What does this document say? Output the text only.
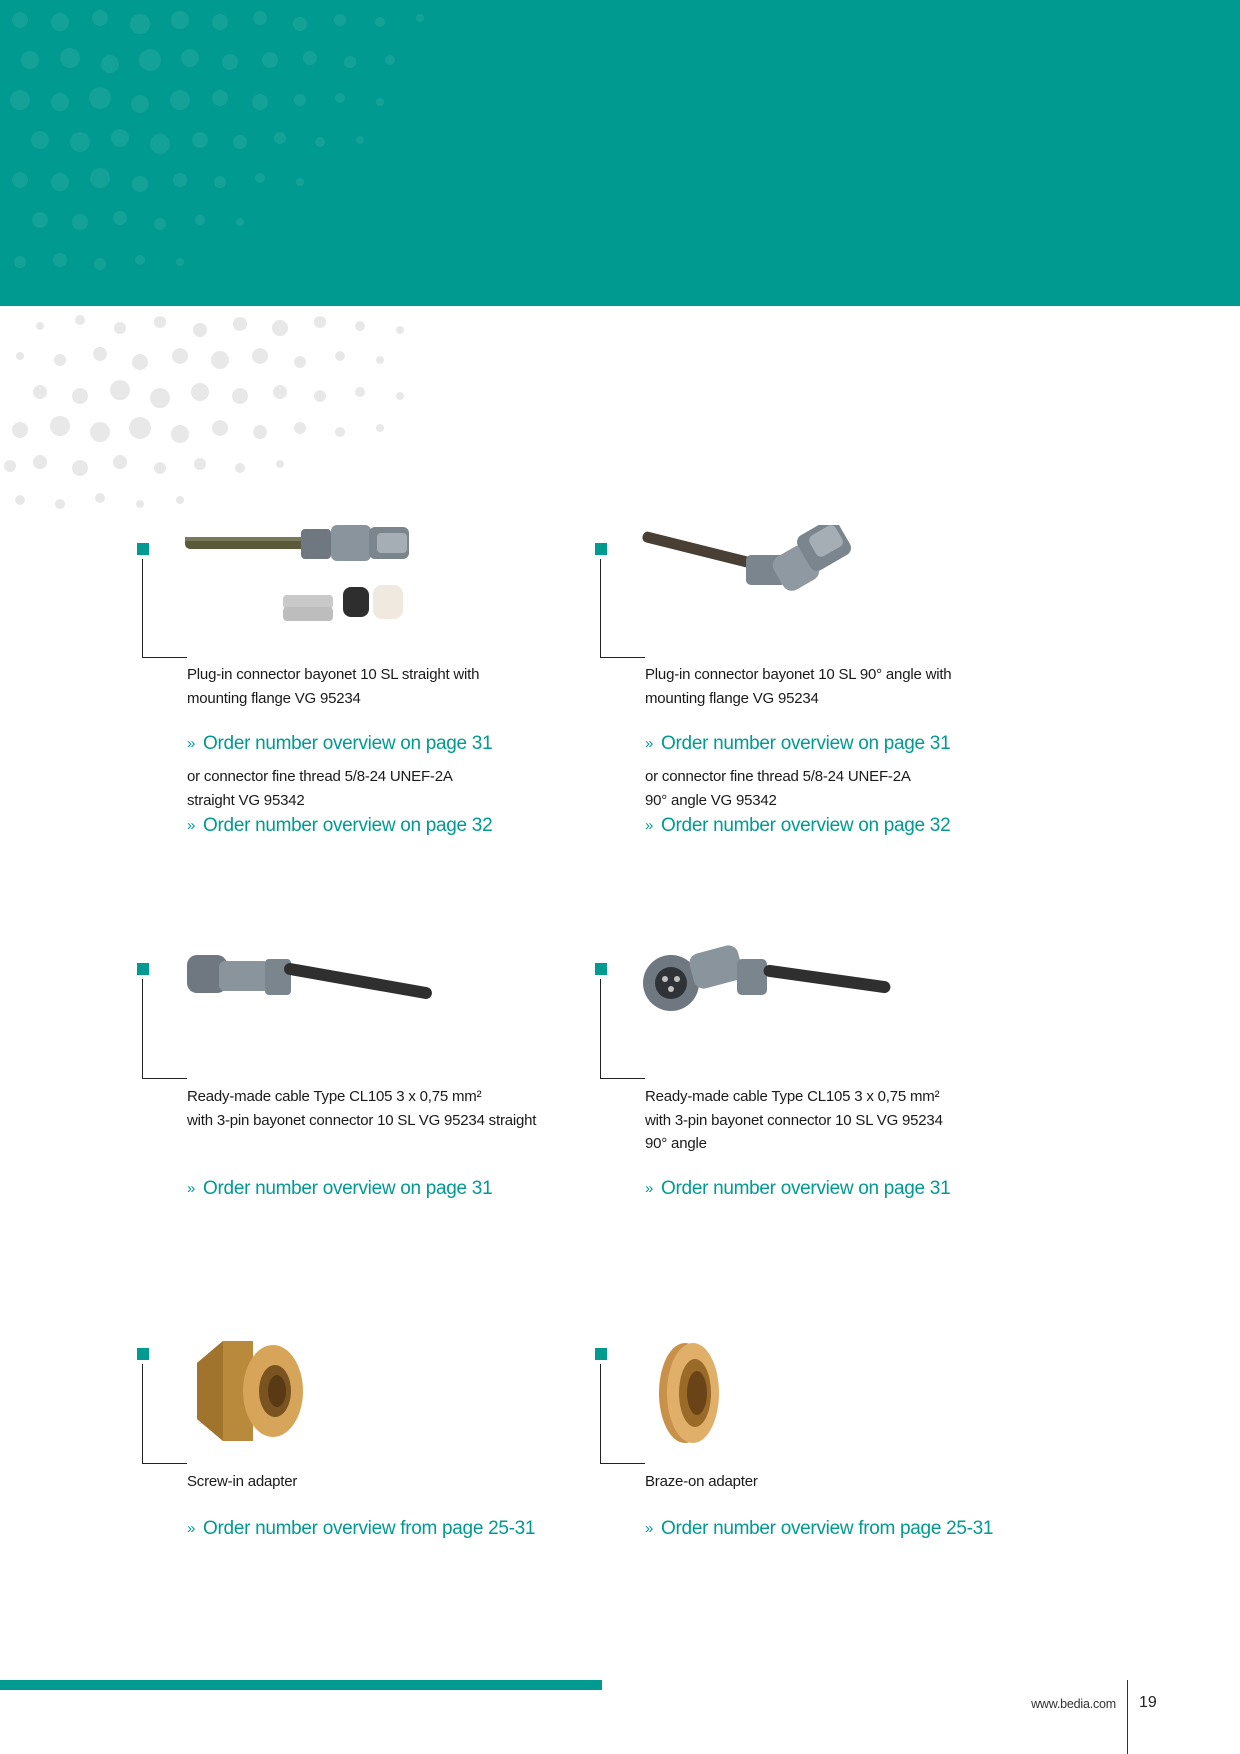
Plug-in connector bayonet 10 SL straight with
mounting flange VG 95234
» Order number overview on page 31
or connector fine thread 5/8-24 UNEF-2A
straight VG 95342
» Order number overview on page 32
Plug-in connector bayonet 10 SL 90° angle with
mounting flange VG 95234
» Order number overview on page 31
or connector fine thread 5/8-24 UNEF-2A
90° angle VG 95342
» Order number overview on page 32
Ready-made cable Type CL105 3 x 0,75 mm²
with 3-pin bayonet connector 10 SL VG 95234 straight
» Order number overview on page 31
Ready-made cable Type CL105 3 x 0,75 mm²
with 3-pin bayonet connector 10 SL VG 95234
90° angle
» Order number overview on page 31
Screw-in adapter
» Order number overview from page 25-31
Braze-on adapter
» Order number overview from page 25-31
www.bedia.com 19
